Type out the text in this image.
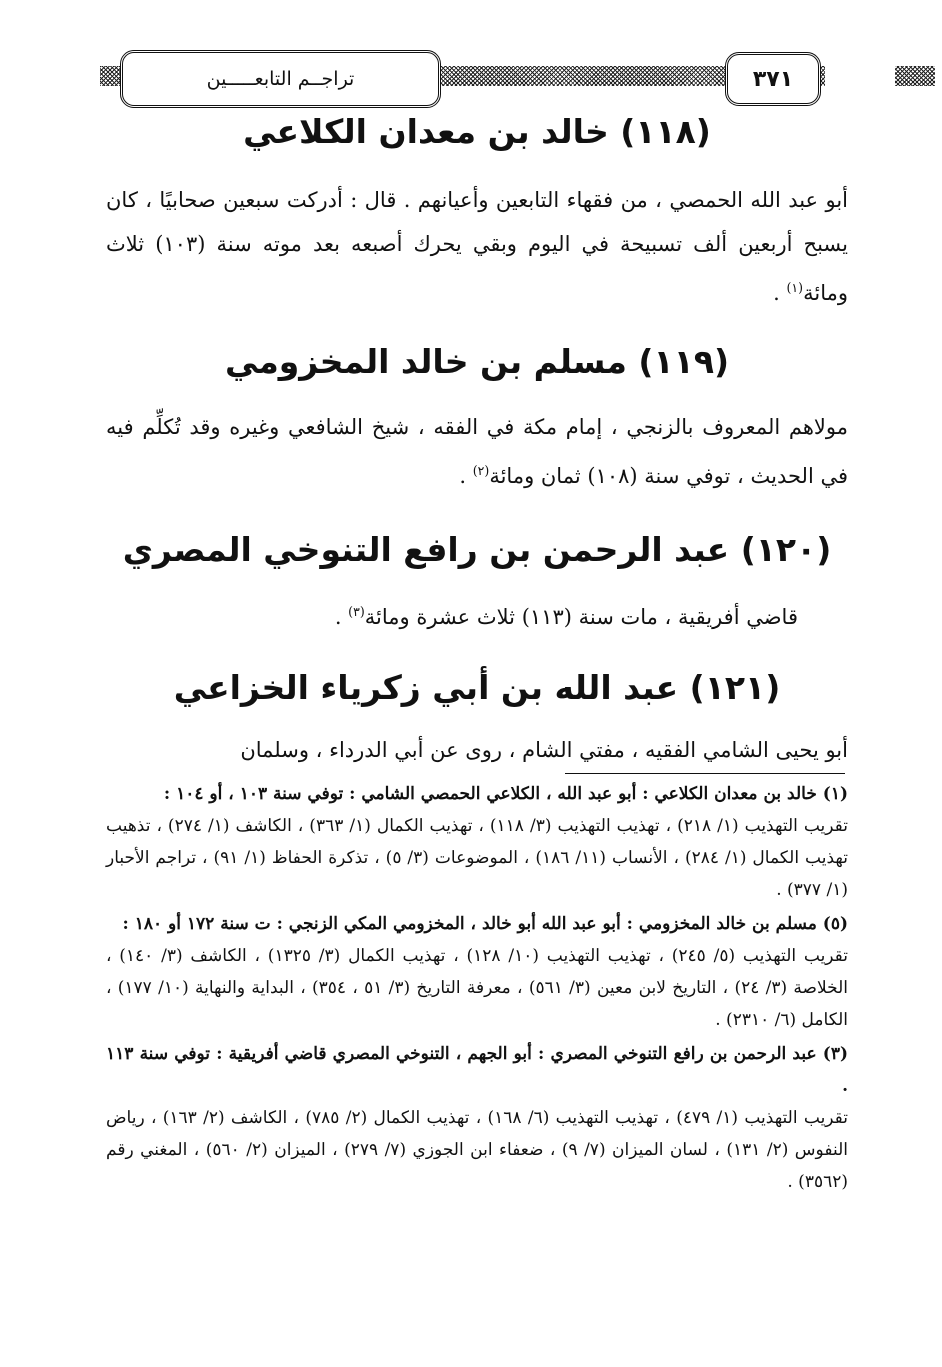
تراجــم التابعـــــين	٣٧١
(١١٨) خالد بن معدان الكلاعي

أبو عبد الله الحمصي ، من فقهاء التابعين وأعيانهم . قال : أدركت سبعين صحابيًا ، كان يسبح أربعين ألف تسبيحة في اليوم وبقي يحرك أصبعه بعد موته سنة (١٠٣) ثلاث ومائة$^{(١)}$ .

(١١٩) مسلم بن خالد المخزومي

مولاهم المعروف بالزنجي ، إمام مكة في الفقه ، شيخ الشافعي وغيره وقد تُكلِّم فيه في الحديث ، توفي سنة (١٠٨) ثمان ومائة$^{(٢)}$ .

(١٢٠) عبد الرحمن بن رافع التنوخي المصري

قاضي أفريقية ، مات سنة (١١٣) ثلاث عشرة ومائة$^{(٣)}$ .

(١٢١) عبد الله بن أبي زكرياء الخزاعي

أبو يحيى الشامي الفقيه ، مفتي الشام ، روى عن أبي الدرداء ، وسلمان

(١) خالد بن معدان الكلاعي : أبو عبد الله ، الكلاعي الحمصي الشامي : توفي سنة ١٠٣ ، أو ١٠٤ :

تقريب التهذيب (١/ ٢١٨) ، تهذيب التهذيب (٣/ ١١٨) ، تهذيب الكمال (١/ ٣٦٣) ، الكاشف (١/ ٢٧٤) ، تذهيب تهذيب الكمال (١/ ٢٨٤) ، الأنساب (١١/ ١٨٦) ، الموضوعات (٣/ ٥) ، تذكرة الحفاظ (١/ ٩١) ، تراجم الأحبار (١/ ٣٧٧) .

(٥) مسلم بن خالد المخزومي : أبو عبد الله أبو خالد ، المخزومي المكي الزنجي : ت سنة ١٧٢ أو ١٨٠ :

تقريب التهذيب (٥/ ٢٤٥) ، تهذيب التهذيب (١٠/ ١٢٨) ، تهذيب الكمال (٣/ ١٣٢٥) ، الكاشف (٣/ ١٤٠) ، الخلاصة (٣/ ٢٤) ، التاريخ لابن معين (٣/ ٥٦١) ، معرفة التاريخ (٣/ ٥١ ، ٣٥٤) ، البداية والنهاية (١٠/ ١٧٧) ، الكامل (٦/ ٢٣١٠) .

(٣) عبد الرحمن بن رافع التنوخي المصري : أبو الجهم ، التنوخي المصري قاضي أفريقية : توفي سنة ١١٣ .

تقريب التهذيب (١/ ٤٧٩) ، تهذيب التهذيب (٦/ ١٦٨) ، تهذيب الكمال (٢/ ٧٨٥) ، الكاشف (٢/ ١٦٣) ، رياض النفوس (٢/ ١٣١) ، لسان الميزان (٧/ ٩) ، ضعفاء ابن الجوزي (٧/ ٢٧٩) ، الميزان (٢/ ٥٦٠) ، المغني رقم (٣٥٦٢) .
